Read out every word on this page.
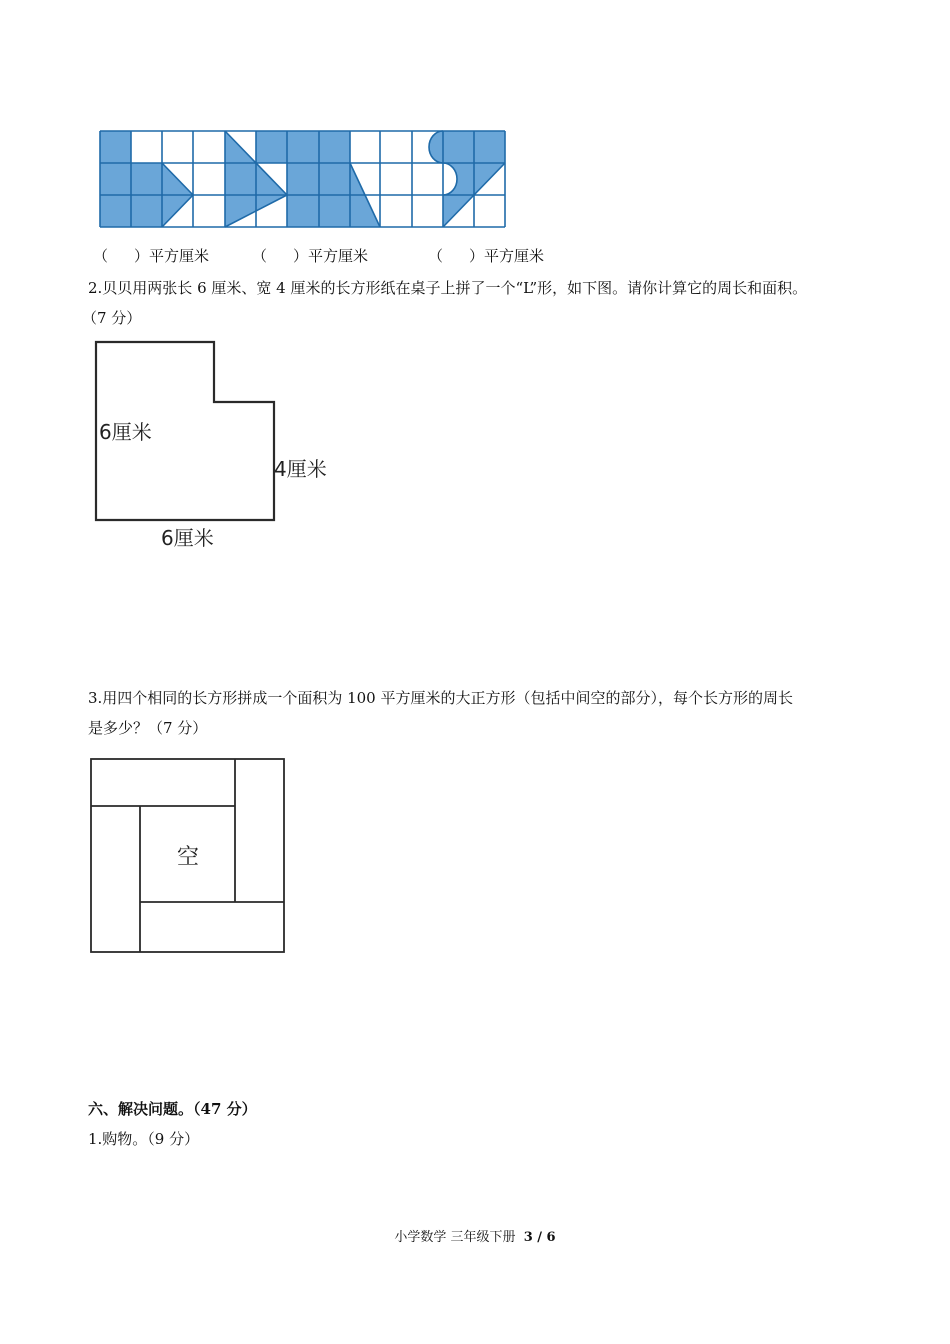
（ ）平方厘米	（ ）平方厘米	（ ）平方厘米
2.贝贝用两张长 6 厘米、宽 4 厘米的长方形纸在桌子上拼了一个“L”形，如下图。请你计算它的周长和面积。
（7 分）
6厘米
4厘米
6厘米
3.用四个相同的长方形拼成一个面积为 100 平方厘米的大正方形（包括中间空的部分），每个长方形的周长
是多少？（7 分）
空
六、解决问题。（47 分）
1.购物。（9 分）
小学数学 三年级下册 3 / 6
